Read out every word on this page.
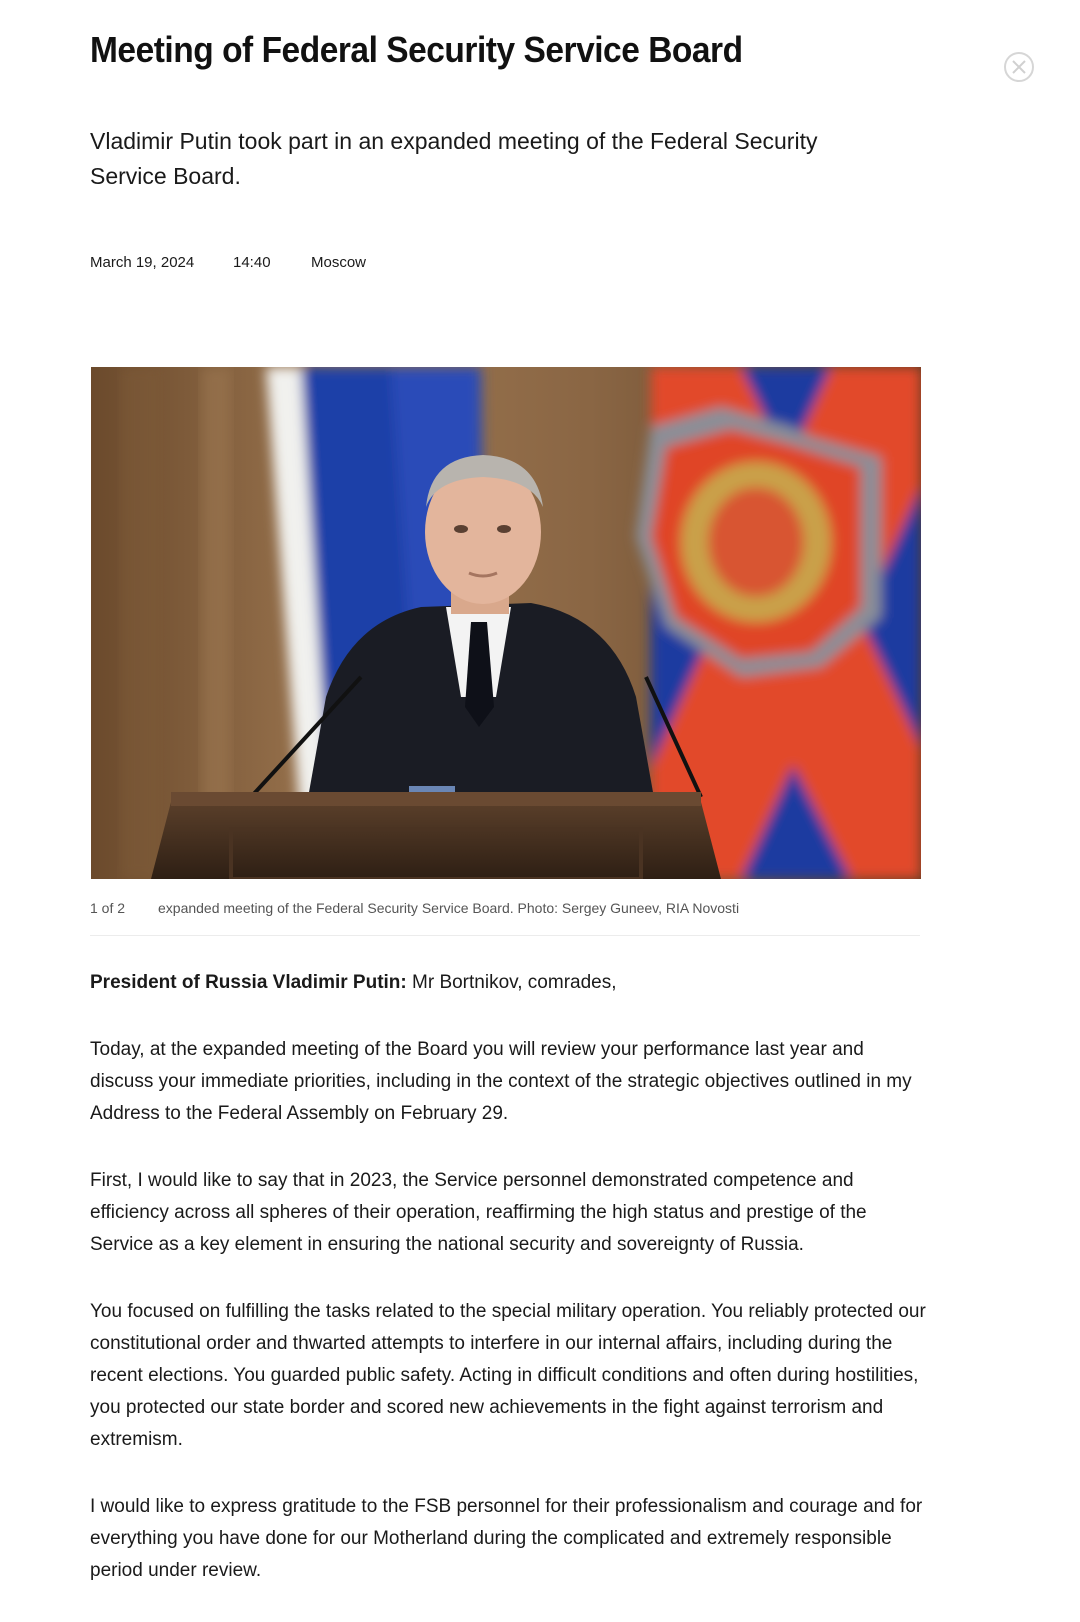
Meeting of Federal Security Service Board

Vladimir Putin took part in an expanded meeting of the Federal Security Service Board.

March 19, 2024	14:40	Moscow
1 of 2 expanded meeting of the Federal Security Service Board. Photo: Sergey Guneev, RIA Novosti

President of Russia Vladimir Putin: Mr Bortnikov, comrades,

Today, at the expanded meeting of the Board you will review your performance last year and discuss your immediate priorities, including in the context of the strategic objectives outlined in my Address to the Federal Assembly on February 29.

First, I would like to say that in 2023, the Service personnel demonstrated competence and efficiency across all spheres of their operation, reaffirming the high status and prestige of the Service as a key element in ensuring the national security and sovereignty of Russia.

You focused on fulfilling the tasks related to the special military operation. You reliably protected our constitutional order and thwarted attempts to interfere in our internal affairs, including during the recent elections. You guarded public safety. Acting in difficult conditions and often during hostilities, you protected our state border and scored new achievements in the fight against terrorism and extremism.

I would like to express gratitude to the FSB personnel for their professionalism and courage and for everything you have done for our Motherland during the complicated and extremely responsible period under review.
